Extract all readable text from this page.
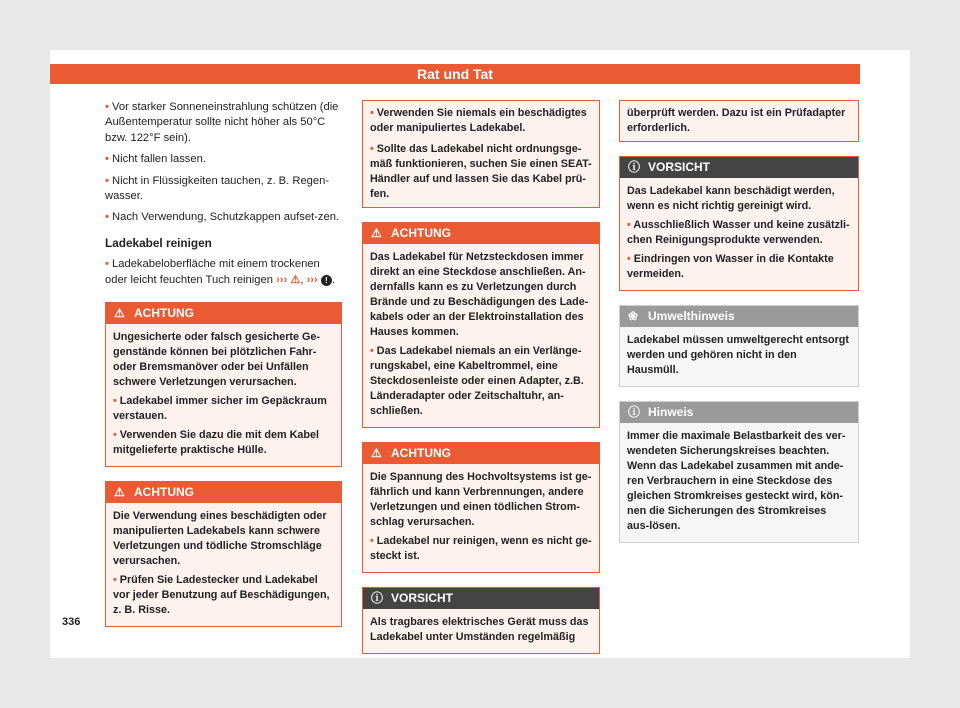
Rat und Tat

• Vor starker Sonneneinstrahlung schützen (die Außentemperatur sollte nicht höher als 50°C bzw. 122°F sein).

• Nicht fallen lassen.

• Nicht in Flüssigkeiten tauchen, z. B. Regen-wasser.

• Nach Verwendung, Schutzkappen aufset-zen.

Ladekabel reinigen

• Ladekabeloberfläche mit einem trockenen oder leicht feuchten Tuch reinigen ››› ⚠, ››› ! .

⚠ ACHTUNG

Ungesicherte oder falsch gesicherte Ge-genstände können bei plötzlichen Fahr-oder Bremsmanöver oder bei Unfällen schwere Verletzungen verursachen.

• Ladekabel immer sicher im Gepäckraum verstauen.

• Verwenden Sie dazu die mit dem Kabel mitgelieferte praktische Hülle.

⚠ ACHTUNG

Die Verwendung eines beschädigten oder manipulierten Ladekabels kann schwere Verletzungen und tödliche Stromschläge verursachen.

• Prüfen Sie Ladestecker und Ladekabel vor jeder Benutzung auf Beschädigungen, z. B. Risse.

• Verwenden Sie niemals ein beschädigtes oder manipuliertes Ladekabel.

• Sollte das Ladekabel nicht ordnungsge-mäß funktionieren, suchen Sie einen SEAT-Händler auf und lassen Sie das Kabel prü-fen.

⚠ ACHTUNG

Das Ladekabel für Netzsteckdosen immer direkt an eine Steckdose anschließen. An-dernfalls kann es zu Verletzungen durch Brände und zu Beschädigungen des Lade-kabels oder an der Elektroinstallation des Hauses kommen.

• Das Ladekabel niemals an ein Verlänge-rungskabel, eine Kabeltrommel, eine Steckdosenleiste oder einen Adapter, z.B. Länderadapter oder Zeitschaltuhr, an-schließen.

⚠ ACHTUNG

Die Spannung des Hochvoltsystems ist ge-fährlich und kann Verbrennungen, andere Verletzungen und einen tödlichen Strom-schlag verursachen.

• Ladekabel nur reinigen, wenn es nicht ge-steckt ist.

ⓘ VORSICHT

Als tragbares elektrisches Gerät muss das Ladekabel unter Umständen regelmäßig

überprüft werden. Dazu ist ein Prüfadapter erforderlich.
ⓘ VORSICHT

Das Ladekabel kann beschädigt werden, wenn es nicht richtig gereinigt wird.

• Ausschließlich Wasser und keine zusätzli-chen Reinigungsprodukte verwenden.

• Eindringen von Wasser in die Kontakte vermeiden.

❀ Umwelthinweis

Ladekabel müssen umweltgerecht entsorgt werden und gehören nicht in den Hausmüll.

ⓘ Hinweis

Immer die maximale Belastbarkeit des ver-wendeten Sicherungskreises beachten. Wenn das Ladekabel zusammen mit ande-ren Verbrauchern in eine Steckdose des gleichen Stromkreises gesteckt wird, kön-nen die Sicherungen des Stromkreises aus-lösen.

336
